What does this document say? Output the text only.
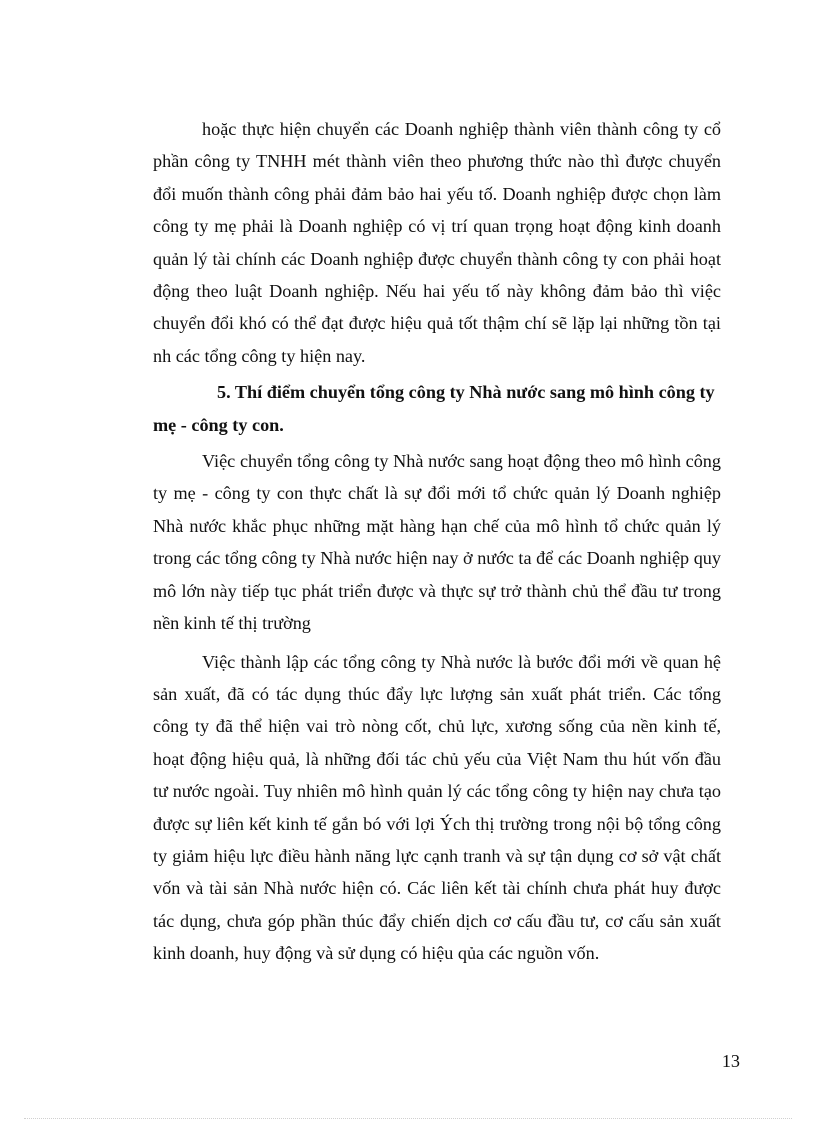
hoặc thực hiện chuyển các Doanh nghiệp thành viên thành công ty cổ phần công ty TNHH mét thành viên theo phương thức nào thì được chuyển đổi muốn thành công phải đảm bảo hai yếu tố. Doanh nghiệp được chọn làm công ty mẹ phải là Doanh nghiệp có vị trí quan trọng hoạt động kinh doanh quản lý tài chính các Doanh nghiệp được chuyển thành công ty con phải hoạt động theo luật Doanh nghiệp. Nếu hai yếu tố này không đảm bảo thì việc chuyển đổi khó có thể đạt được hiệu quả tốt thậm chí sẽ lặp lại những tồn tại nh các tổng công ty hiện nay.

5. Thí điểm chuyển tổng công ty Nhà nước sang mô hình công ty mẹ - công ty con.

Việc chuyển tổng công ty Nhà nước sang hoạt động theo mô hình công ty mẹ - công ty con thực chất là sự đổi mới tổ chức quản lý Doanh nghiệp Nhà nước khắc phục những mặt hàng hạn chế của mô hình tổ chức quản lý trong các tổng công ty Nhà nước hiện nay ở nước ta để các Doanh nghiệp quy mô lớn này tiếp tục phát triển được và thực sự trở thành chủ thể đầu tư trong nền kinh tế thị trường

Việc thành lập các tổng công ty Nhà nước là bước đổi mới về quan hệ sản xuất, đã có tác dụng thúc đẩy lực lượng sản xuất phát triển. Các tổng công ty đã thể hiện vai trò nòng cốt, chủ lực, xương sống của nền kinh tế, hoạt động hiệu quả, là những đối tác chủ yếu của Việt Nam thu hút vốn đầu tư nước ngoài. Tuy nhiên mô hình quản lý các tổng công ty hiện nay chưa tạo được sự liên kết kinh tế gắn bó với lợi Ých thị trường trong nội bộ tổng công ty giảm hiệu lực điều hành năng lực cạnh tranh và sự tận dụng cơ sở vật chất vốn và tài sản Nhà nước hiện có. Các liên kết tài chính chưa phát huy được tác dụng, chưa góp phần thúc đẩy chiến dịch cơ cấu đầu tư, cơ cấu sản xuất kinh doanh, huy động và sử dụng có hiệu qủa các nguồn vốn.

13
